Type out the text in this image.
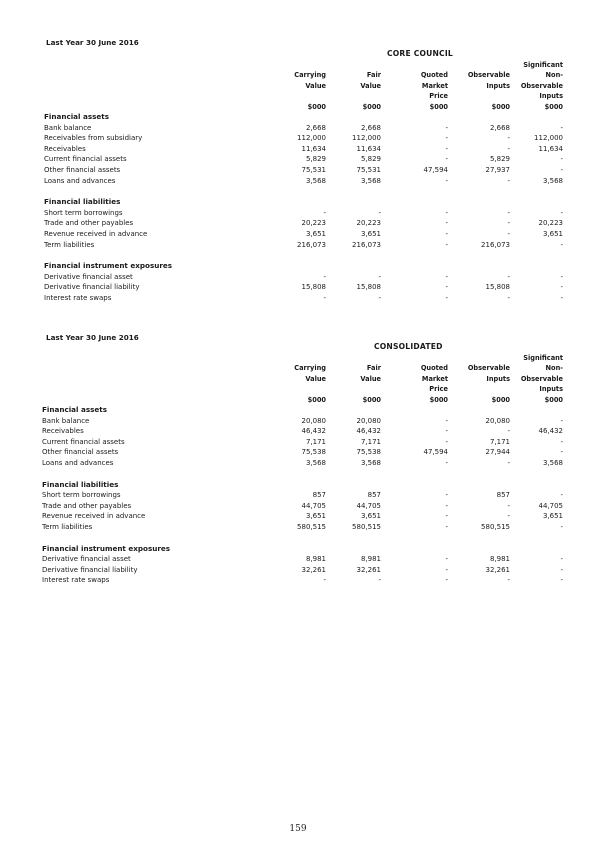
Last Year 30 June 2016
CORE COUNCIL
					Significant
	Carrying	Fair	Quoted	Observable	Non-
	Value	Value	Market	Inputs	Observable
			Price		Inputs
	$000	$000	$000	$000	$000
Financial assets					
Bank balance	2,668	2,668	-	2,668	-
Receivables from subsidiary	112,000	112,000	-	-	112,000
Receivables	11,634	11,634	-	-	11,634
Current financial assets	5,829	5,829	-	5,829	-
Other financial assets	75,531	75,531	47,594	27,937	-
Loans and advances	3,568	3,568	-	-	3,568

Financial liabilities					
Short term borrowings	-	-	-	-	-
Trade and other payables	20,223	20,223	-	-	20,223
Revenue received in advance	3,651	3,651	-	-	3,651
Term liabilities	216,073	216,073	-	216,073	-

Financial instrument exposures					
Derivative financial asset	-	-	-	-	-
Derivative financial liability	15,808	15,808	-	15,808	-
Interest rate swaps	-	-	-	-	-
Last Year 30 June 2016
CONSOLIDATED
					Significant
	Carrying	Fair	Quoted	Observable	Non-
	Value	Value	Market	Inputs	Observable
			Price		Inputs
	$000	$000	$000	$000	$000
Financial assets					
Bank balance	20,080	20,080	-	20,080	-
Receivables	46,432	46,432	-	-	46,432
Current financial assets	7,171	7,171	-	7,171	-
Other financial assets	75,538	75,538	47,594	27,944	-
Loans and advances	3,568	3,568	-	-	3,568

Financial liabilities					
Short term borrowings	857	857	-	857	-
Trade and other payables	44,705	44,705	-	-	44,705
Revenue received in advance	3,651	3,651	-	-	3,651
Term liabilities	580,515	580,515	-	580,515	-

Financial instrument exposures					
Derivative financial asset	8,981	8,981	-	8,981	-
Derivative financial liability	32,261	32,261	-	32,261	-
Interest rate swaps	-	-	-	-	-
159
